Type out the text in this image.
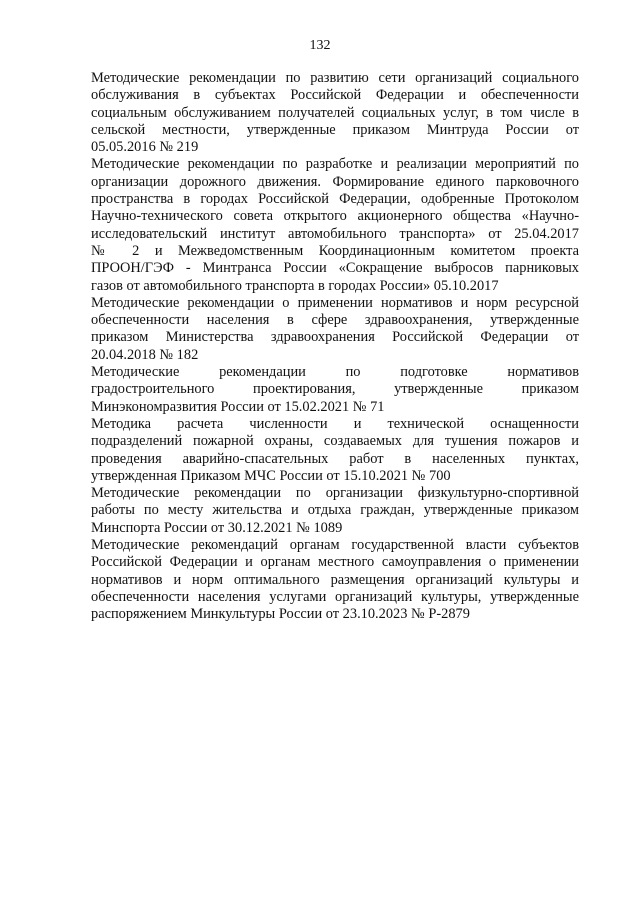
132

Методические рекомендации по развитию сети организаций социального
обслуживания в субъектах Российской Федерации и обеспеченности
социальным обслуживанием получателей социальных услуг, в том числе в
сельской местности, утвержденные приказом Минтруда России от
05.05.2016 № 219

Методические рекомендации по разработке и реализации мероприятий по
организации дорожного движения. Формирование единого парковочного
пространства в городах Российской Федерации, одобренные Протоколом
Научно-технического совета открытого акционерного общества «Научно-
исследовательский институт автомобильного транспорта» от 25.04.2017
№ 2 и Межведомственным Координационным комитетом проекта
ПРООН/ГЭФ - Минтранса России «Сокращение выбросов парниковых
газов от автомобильного транспорта в городах России» 05.10.2017

Методические рекомендации о применении нормативов и норм ресурсной
обеспеченности населения в сфере здравоохранения, утвержденные
приказом Министерства здравоохранения Российской Федерации от
20.04.2018 № 182

Методические рекомендации по подготовке нормативов
градостроительного проектирования, утвержденные приказом
Минэкономразвития России от 15.02.2021 № 71

Методика расчета численности и технической оснащенности
подразделений пожарной охраны, создаваемых для тушения пожаров и
проведения аварийно-спасательных работ в населенных пунктах,
утвержденная Приказом МЧС России от 15.10.2021 № 700

Методические рекомендации по организации физкультурно-спортивной
работы по месту жительства и отдыха граждан, утвержденные приказом
Минспорта России от 30.12.2021 № 1089

Методические рекомендаций органам государственной власти субъектов
Российской Федерации и органам местного самоуправления о применении
нормативов и норм оптимального размещения организаций культуры и
обеспеченности населения услугами организаций культуры, утвержденные
распоряжением Минкультуры России от 23.10.2023 № Р-2879
